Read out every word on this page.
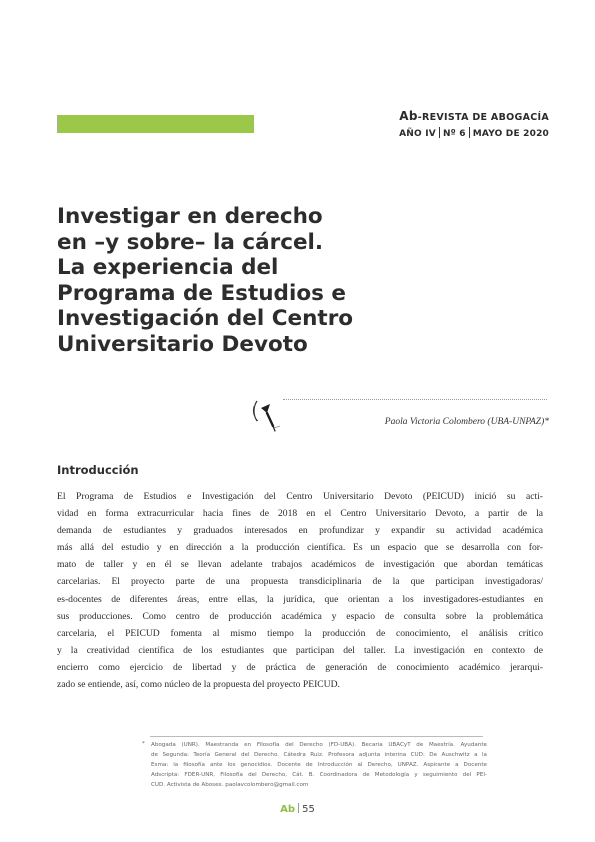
Ab-REVISTA DE ABOGACÍA
AÑO IV Nº 6 MAYO DE 2020
Investigar en derecho
en –y sobre– la cárcel.
La experiencia del
Programa de Estudios e
Investigación del Centro
Universitario Devoto
Paola Victoria Colombero (UBA-UNPAZ)*
Introducción
El Programa de Estudios e Investigación del Centro Universitario Devoto (PEICUD) inició su acti-
vidad en forma extracurricular hacia fines de 2018 en el Centro Universitario Devoto, a partir de la
demanda de estudiantes y graduados interesados en profundizar y expandir su actividad académica
más allá del estudio y en dirección a la producción científica. Es un espacio que se desarrolla con for-
mato de taller y en él se llevan adelante trabajos académicos de investigación que abordan temáticas
carcelarias. El proyecto parte de una propuesta transdiciplinaria de la que participan investigadoras/
es-docentes de diferentes áreas, entre ellas, la jurídica, que orientan a los investigadores-estudiantes en
sus producciones. Como centro de producción académica y espacio de consulta sobre la problemática
carcelaria, el PEICUD fomenta al mismo tiempo la producción de conocimiento, el análisis crítico
y la creatividad científica de los estudiantes que participan del taller. La investigación en contexto de
encierro como ejercicio de libertad y de práctica de generación de conocimiento académico jerarqui-
zado se entiende, así, como núcleo de la propuesta del proyecto PEICUD.
* Abogada (UNR). Maestranda en Filosofía del Derecho (FD-UBA). Becaria UBACyT de Maestría. Ayudante
de Segunda: Teoría General del Derecho. Cátedra Ruiz. Profesora adjunta interina CUD: De Auschwitz a la
Esma: la filosofía ante los genocidios. Docente de Introducción al Derecho, UNPAZ. Aspirante a Docente
Adscripta: FDER-UNR, Filosofía del Derecho, Cát. B. Coordinadora de Metodología y seguimiento del PEI-
CUD. Activista de Abosex. paolavcolombero@gmail.com
Ab 55
